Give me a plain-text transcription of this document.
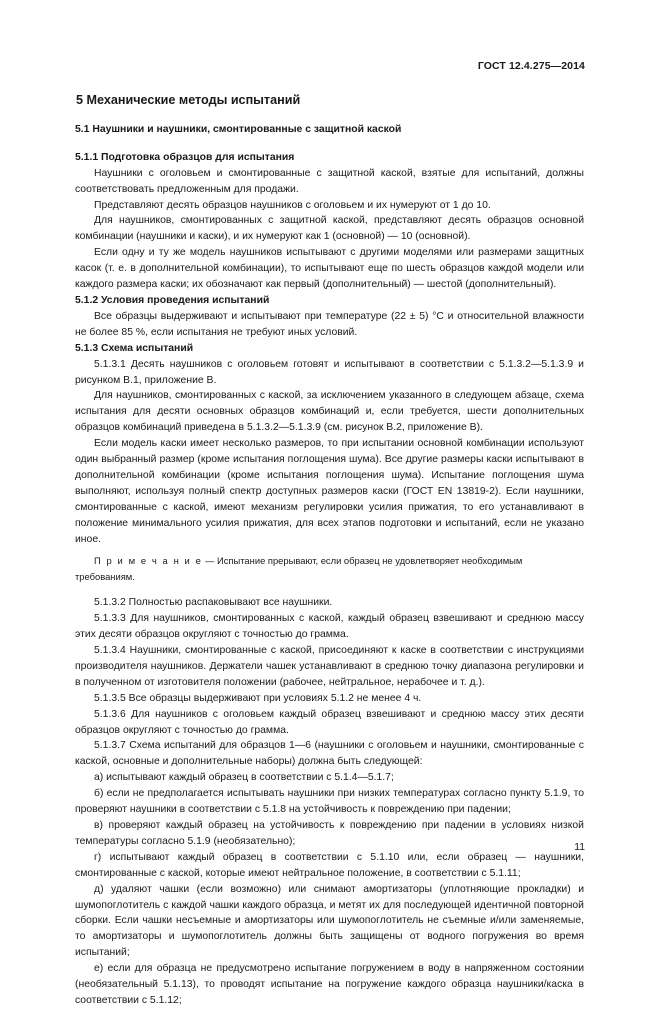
ГОСТ 12.4.275—2014
5 Механические методы испытаний
5.1 Наушники и наушники, смонтированные с защитной каской
5.1.1 Подготовка образцов для испытания
Наушники с оголовьем и смонтированные с защитной каской, взятые для испытаний, должны соответствовать предложенным для продажи.
Представляют десять образцов наушников с оголовьем и их нумеруют от 1 до 10.
Для наушников, смонтированных с защитной каской, представляют десять образцов основной комбинации (наушники и каски), и их нумеруют как 1 (основной) — 10 (основной).
Если одну и ту же модель наушников испытывают с другими моделями или размерами защитных касок (т. е. в дополнительной комбинации), то испытывают еще по шесть образцов каждой модели или каждого размера каски; их обозначают как первый (дополнительный) — шестой (дополнительный).
5.1.2 Условия проведения испытаний
Все образцы выдерживают и испытывают при температуре (22 ± 5) °С и относительной влажности не более 85 %, если испытания не требуют иных условий.
5.1.3 Схема испытаний
5.1.3.1 Десять наушников с оголовьем готовят и испытывают в соответствии с 5.1.3.2—5.1.3.9 и рисунком В.1, приложение В.
Для наушников, смонтированных с каской, за исключением указанного в следующем абзаце, схема испытания для десяти основных образцов комбинаций и, если требуется, шести дополнительных образцов комбинаций приведена в 5.1.3.2—5.1.3.9 (см. рисунок В.2, приложение В).
Если модель каски имеет несколько размеров, то при испытании основной комбинации используют один выбранный размер (кроме испытания поглощения шума). Все другие размеры каски испытывают в дополнительной комбинации (кроме испытания поглощения шума). Испытание поглощения шума выполняют, используя полный спектр доступных размеров каски (ГОСТ EN 13819-2). Если наушники, смонтированные с каской, имеют механизм регулировки усилия прижатия, то его устанавливают в положение минимального усилия прижатия, для всех этапов подготовки и испытаний, если не указано иное.
П р и м е ч а н и е — Испытание прерывают, если образец не удовлетворяет необходимым требованиям.
5.1.3.2 Полностью распаковывают все наушники.
5.1.3.3 Для наушников, смонтированных с каской, каждый образец взвешивают и среднюю массу этих десяти образцов округляют с точностью до грамма.
5.1.3.4 Наушники, смонтированные с каской, присоединяют к каске в соответствии с инструкциями производителя наушников. Держатели чашек устанавливают в среднюю точку диапазона регулировки и в полученном от изготовителя положении (рабочее, нейтральное, нерабочее и т. д.).
5.1.3.5 Все образцы выдерживают при условиях 5.1.2 не менее 4 ч.
5.1.3.6 Для наушников с оголовьем каждый образец взвешивают и среднюю массу этих десяти образцов округляют с точностью до грамма.
5.1.3.7 Схема испытаний для образцов 1—6 (наушники с оголовьем и наушники, смонтированные с каской, основные и дополнительные наборы) должна быть следующей:
а) испытывают каждый образец в соответствии с 5.1.4—5.1.7;
б) если не предполагается испытывать наушники при низких температурах согласно пункту 5.1.9, то проверяют наушники в соответствии с 5.1.8 на устойчивость к повреждению при падении;
в) проверяют каждый образец на устойчивость к повреждению при падении в условиях низкой температуры согласно 5.1.9 (необязательно);
г) испытывают каждый образец в соответствии с 5.1.10 или, если образец — наушники, смонтированные с каской, которые имеют нейтральное положение, в соответствии с 5.1.11;
д) удаляют чашки (если возможно) или снимают амортизаторы (уплотняющие прокладки) и шумопоглотитель с каждой чашки каждого образца, и метят их для последующей идентичной повторной сборки. Если чашки несъемные и амортизаторы или шумопоглотитель не съемные и/или заменяемые, то амортизаторы и шумопоглотитель должны быть защищены от водного погружения во время испытаний;
е) если для образца не предусмотрено испытание погружением в воду в напряженном состоянии (необязательный 5.1.13), то проводят испытание на погружение каждого образца наушники/каска в соответствии с 5.1.12;
11
